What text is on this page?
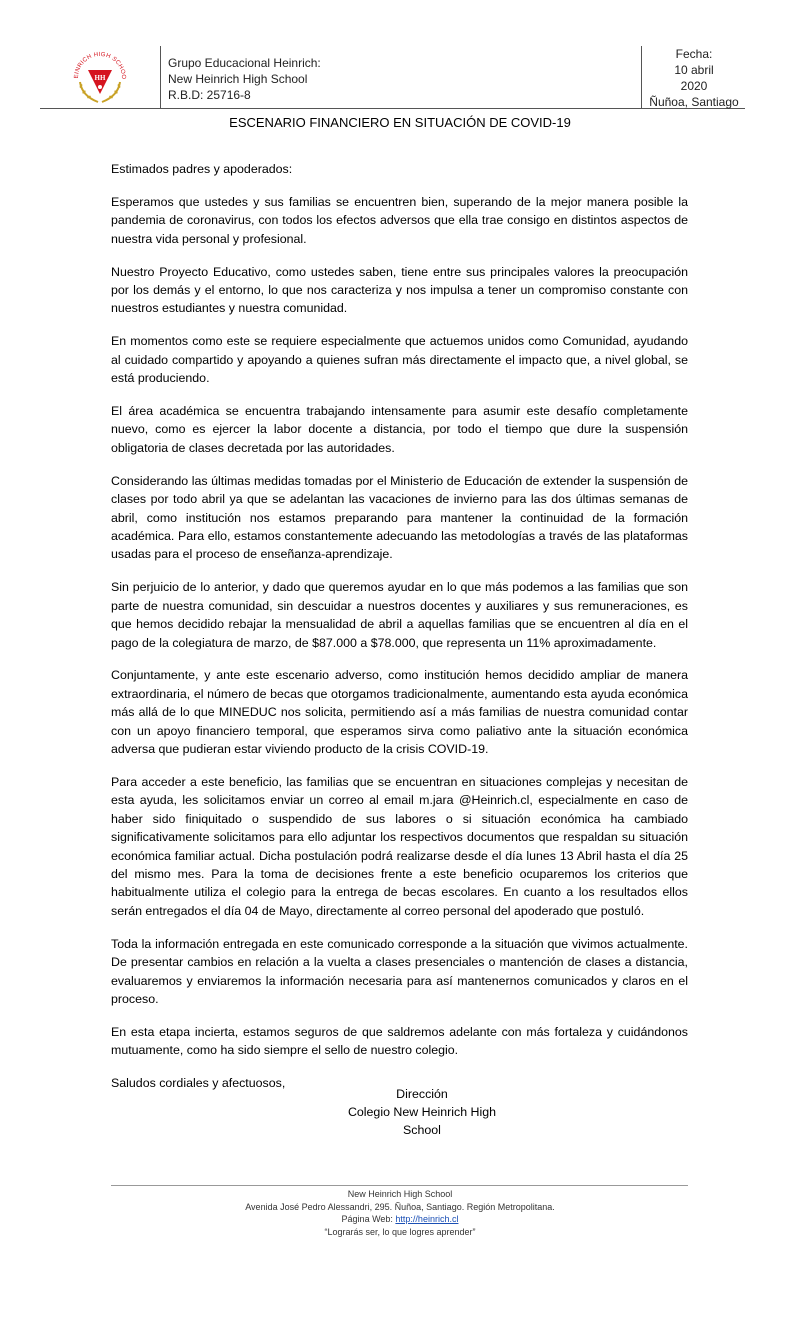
EINRICH HIGH SCHOO
HH
Grupo Educacional Heinrich:
New Heinrich High School
R.B.D: 25716-8
Fecha:
10 abril
2020
Ñuñoa, Santiago
ESCENARIO FINANCIERO EN SITUACIÓN DE COVID-19

Estimados padres y apoderados:

Esperamos que ustedes y sus familias se encuentren bien, superando de la mejor manera posible la pandemia de coronavirus, con todos los efectos adversos que ella trae consigo en distintos aspectos de nuestra vida personal y profesional.

Nuestro Proyecto Educativo, como ustedes saben, tiene entre sus principales valores la preocupación por los demás y el entorno, lo que nos caracteriza y nos impulsa a tener un compromiso constante con nuestros estudiantes y nuestra comunidad.

En momentos como este se requiere especialmente que actuemos unidos como Comunidad, ayudando al cuidado compartido y apoyando a quienes sufran más directamente el impacto que, a nivel global, se está produciendo.

El área académica se encuentra trabajando intensamente para asumir este desafío completamente nuevo, como es ejercer la labor docente a distancia, por todo el tiempo que dure la suspensión obligatoria de clases decretada por las autoridades.

Considerando las últimas medidas tomadas por el Ministerio de Educación de extender la suspensión de clases por todo abril ya que se adelantan las vacaciones de invierno para las dos últimas semanas de abril, como institución nos estamos preparando para mantener la continuidad de la formación académica. Para ello, estamos constantemente adecuando las metodologías a través de las plataformas usadas para el proceso de enseñanza-aprendizaje.

Sin perjuicio de lo anterior, y dado que queremos ayudar en lo que más podemos a las familias que son parte de nuestra comunidad, sin descuidar a nuestros docentes y auxiliares y sus remuneraciones, es que hemos decidido rebajar la mensualidad de abril a aquellas familias que se encuentren al día en el pago de la colegiatura de marzo, de $87.000 a $78.000, que representa un 11% aproximadamente.

Conjuntamente, y ante este escenario adverso, como institución hemos decidido ampliar de manera extraordinaria, el número de becas que otorgamos tradicionalmente, aumentando esta ayuda económica más allá de lo que MINEDUC nos solicita, permitiendo así a más familias de nuestra comunidad contar con un apoyo financiero temporal, que esperamos sirva como paliativo ante la situación económica adversa que pudieran estar viviendo producto de la crisis COVID-19.

Para acceder a este beneficio, las familias que se encuentran en situaciones complejas y necesitan de esta ayuda, les solicitamos enviar un correo al email m.jara @Heinrich.cl, especialmente en caso de haber sido finiquitado o suspendido de sus labores o si situación económica ha cambiado significativamente solicitamos para ello adjuntar los respectivos documentos que respaldan su situación económica familiar actual. Dicha postulación podrá realizarse desde el día lunes 13 Abril hasta el día 25 del mismo mes. Para la toma de decisiones frente a este beneficio ocuparemos los criterios que habitualmente utiliza el colegio para la entrega de becas escolares. En cuanto a los resultados ellos serán entregados el día 04 de Mayo, directamente al correo personal del apoderado que postuló.

Toda la información entregada en este comunicado corresponde a la situación que vivimos actualmente. De presentar cambios en relación a la vuelta a clases presenciales o mantención de clases a distancia, evaluaremos y enviaremos la información necesaria para así mantenernos comunicados y claros en el proceso.

En esta etapa incierta, estamos seguros de que saldremos adelante con más fortaleza y cuidándonos mutuamente, como ha sido siempre el sello de nuestro colegio.

Saludos cordiales y afectuosos,

Dirección
Colegio New Heinrich High School
New Heinrich High School
Avenida José Pedro Alessandri, 295. Ñuñoa, Santiago. Región Metropolitana.
Página Web: http://heinrich.cl
“Lograrás ser, lo que logres aprender”
